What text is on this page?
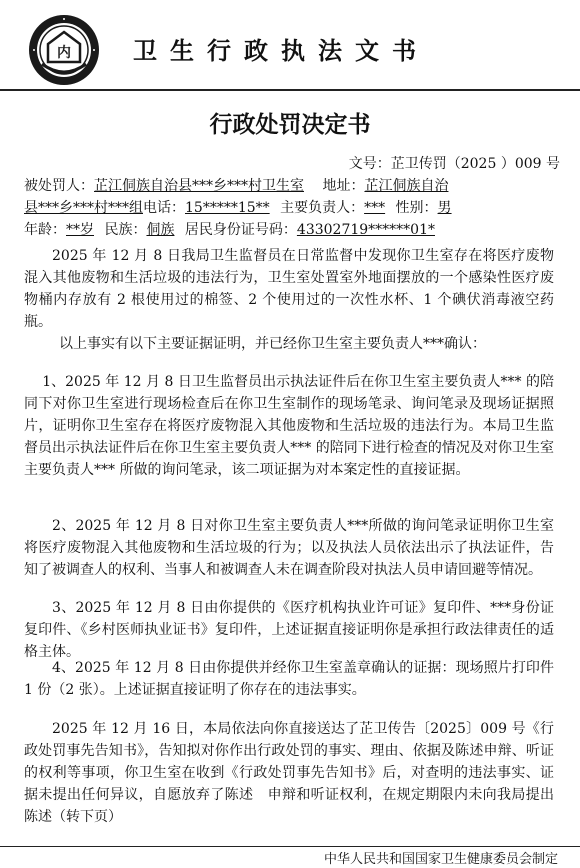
内	卫生行政执法文书
行政处罚决定书
文号：芷卫传罚（2025 ）009 号
被处罚人：芷江侗族自治县***乡***村卫生室 地址：芷江侗族自治
县***乡***村***组电话：15*****15** 主要负责人：*** 性别：男
年龄：**岁 民族：侗族 居民身份证号码：43302719******01*
2025 年 12 月 8 日我局卫生监督员在日常监督中发现你卫生室存在将医疗废物混入其他废物和生活垃圾的违法行为，卫生室处置室外地面摆放的一个感染性医疗废物桶内存放有 2 根使用过的棉签、2 个使用过的一次性水杯、1 个碘伏消毒液空药瓶。
以上事实有以下主要证据证明，并已经你卫生室主要负责人***确认：
1、2025 年 12 月 8 日卫生监督员出示执法证件后在你卫生室主要负责人*** 的陪同下对你卫生室进行现场检查后在你卫生室制作的现场笔录、询问笔录及现场证据照片，证明你卫生室存在将医疗废物混入其他废物和生活垃圾的违法行为。本局卫生监督员出示执法证件后在你卫生室主要负责人*** 的陪同下进行检查的情况及对你卫生室主要负责人*** 所做的询问笔录，该二项证据为对本案定性的直接证据。
2、2025 年 12 月 8 日对你卫生室主要负责人***所做的询问笔录证明你卫生室将医疗废物混入其他废物和生活垃圾的行为；以及执法人员依法出示了执法证件，告知了被调查人的权利、当事人和被调查人未在调查阶段对执法人员申请回避等情况。
3、2025 年 12 月 8 日由你提供的《医疗机构执业许可证》复印件、***身份证复印件、《乡村医师执业证书》复印件，上述证据直接证明你是承担行政法律责任的适格主体。
4、2025 年 12 月 8 日由你提供并经你卫生室盖章确认的证据：现场照片打印件 1 份（2 张）。上述证据直接证明了你存在的违法事实。
2025 年 12 月 16 日，本局依法向你直接送达了芷卫传告〔2025〕009 号《行政处罚事先告知书》，告知拟对你作出行政处罚的事实、理由、依据及陈述申辩、听证的权利等事项，你卫生室在收到《行政处罚事先告知书》后，对查明的违法事实、证据未提出任何异议，自愿放弃了陈述　申辩和听证权利，在规定期限内未向我局提出陈述（转下页）
中华人民共和国国家卫生健康委员会制定
